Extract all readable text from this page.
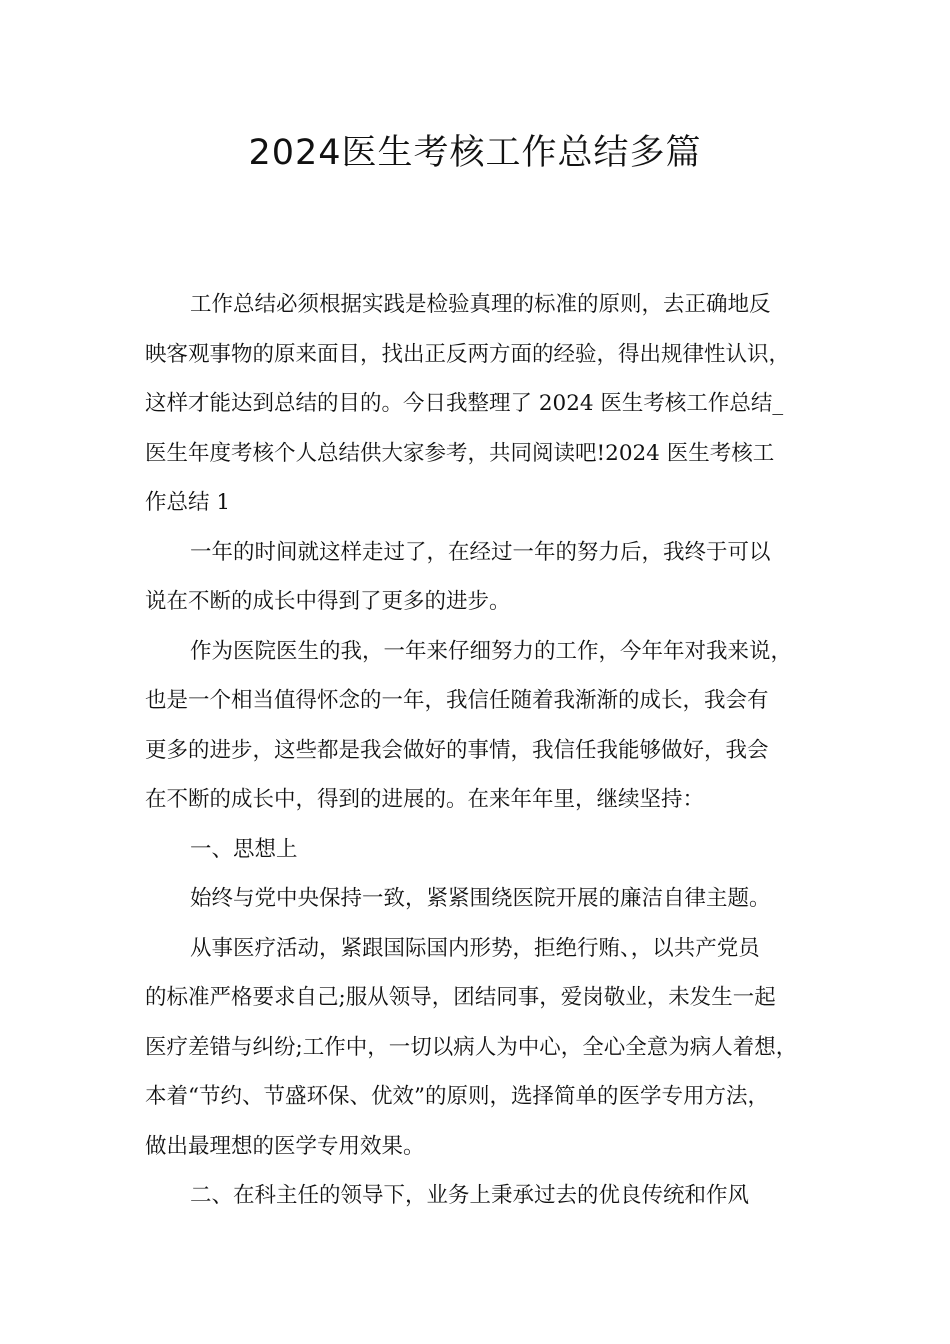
2024医生考核工作总结多篇
工作总结必须根据实践是检验真理的标准的原则，去正确地反
映客观事物的原来面目，找出正反两方面的经验，得出规律性认识，
这样才能达到总结的目的。今日我整理了 2024 医生考核工作总结_
医生年度考核个人总结供大家参考，共同阅读吧!2024 医生考核工
作总结 1
一年的时间就这样走过了，在经过一年的努力后，我终于可以
说在不断的成长中得到了更多的进步。
作为医院医生的我，一年来仔细努力的工作，今年年对我来说，
也是一个相当值得怀念的一年，我信任随着我渐渐的成长，我会有
更多的进步，这些都是我会做好的事情，我信任我能够做好，我会
在不断的成长中，得到的进展的。在来年年里，继续坚持：
一、思想上
始终与党中央保持一致，紧紧围绕医院开展的廉洁自律主题。
从事医疗活动，紧跟国际国内形势，拒绝行贿、，以共产党员
的标准严格要求自己;服从领导，团结同事，爱岗敬业，未发生一起
医疗差错与纠纷;工作中，一切以病人为中心，全心全意为病人着想，
本着“节约、节盛环保、优效”的原则，选择简单的医学专用方法，
做出最理想的医学专用效果。
二、在科主任的领导下，业务上秉承过去的优良传统和作风
